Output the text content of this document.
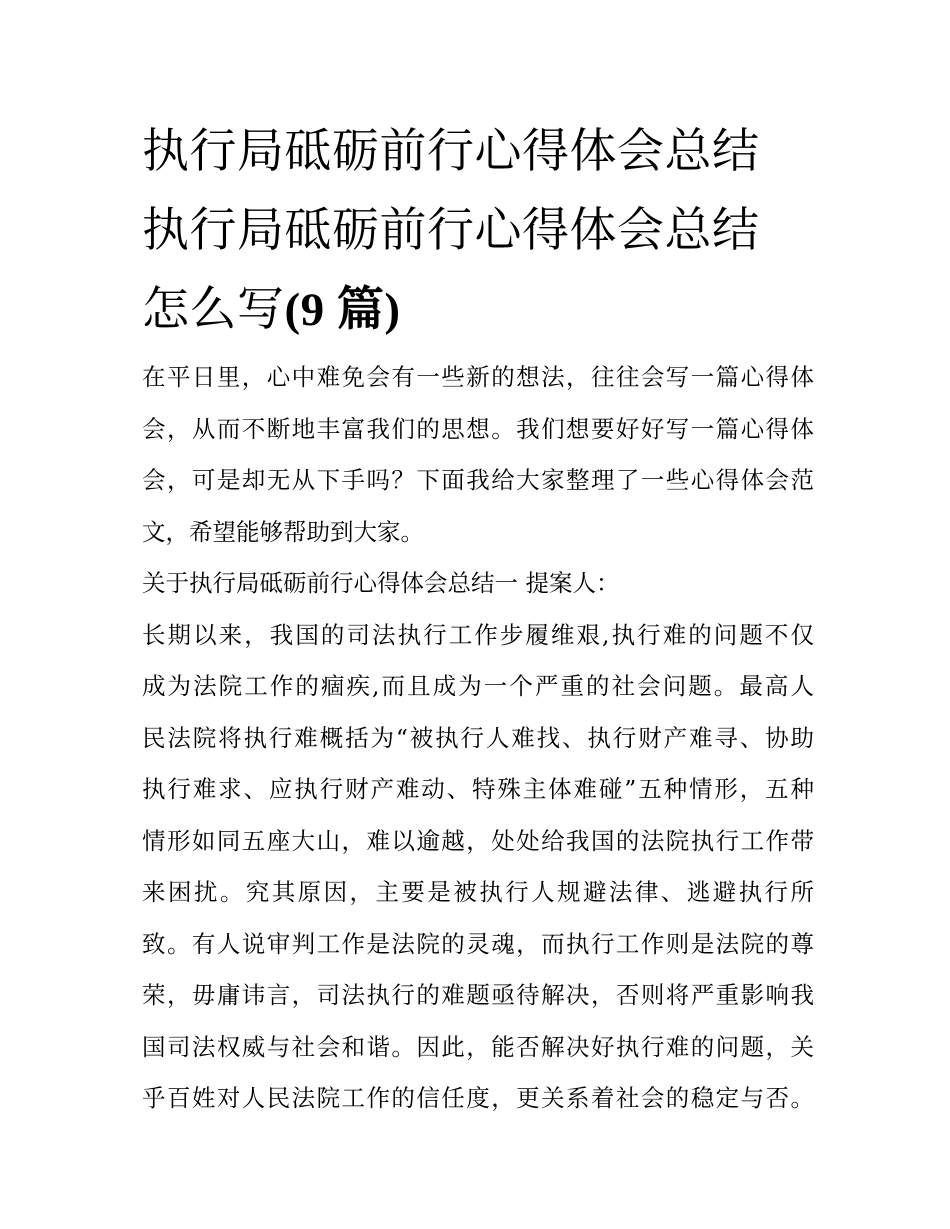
执行局砥砺前行心得体会总结
执行局砥砺前行心得体会总结
怎么写(9 篇)
在平日里，心中难免会有一些新的想法，往往会写一篇心得体
会，从而不断地丰富我们的思想。我们想要好好写一篇心得体
会，可是却无从下手吗？下面我给大家整理了一些心得体会范
文，希望能够帮助到大家。
关于执行局砥砺前行心得体会总结一 提案人：
长期以来，我国的司法执行工作步履维艰,执行难的问题不仅
成为法院工作的痼疾,而且成为一个严重的社会问题。最高人
民法院将执行难概括为“被执行人难找、执行财产难寻、协助
执行难求、应执行财产难动、特殊主体难碰”五种情形，五种
情形如同五座大山，难以逾越，处处给我国的法院执行工作带
来困扰。究其原因，主要是被执行人规避法律、逃避执行所
致。有人说审判工作是法院的灵魂，而执行工作则是法院的尊
荣，毋庸讳言，司法执行的难题亟待解决，否则将严重影响我
国司法权威与社会和谐。因此，能否解决好执行难的问题，关
乎百姓对人民法院工作的信任度，更关系着社会的稳定与否。
